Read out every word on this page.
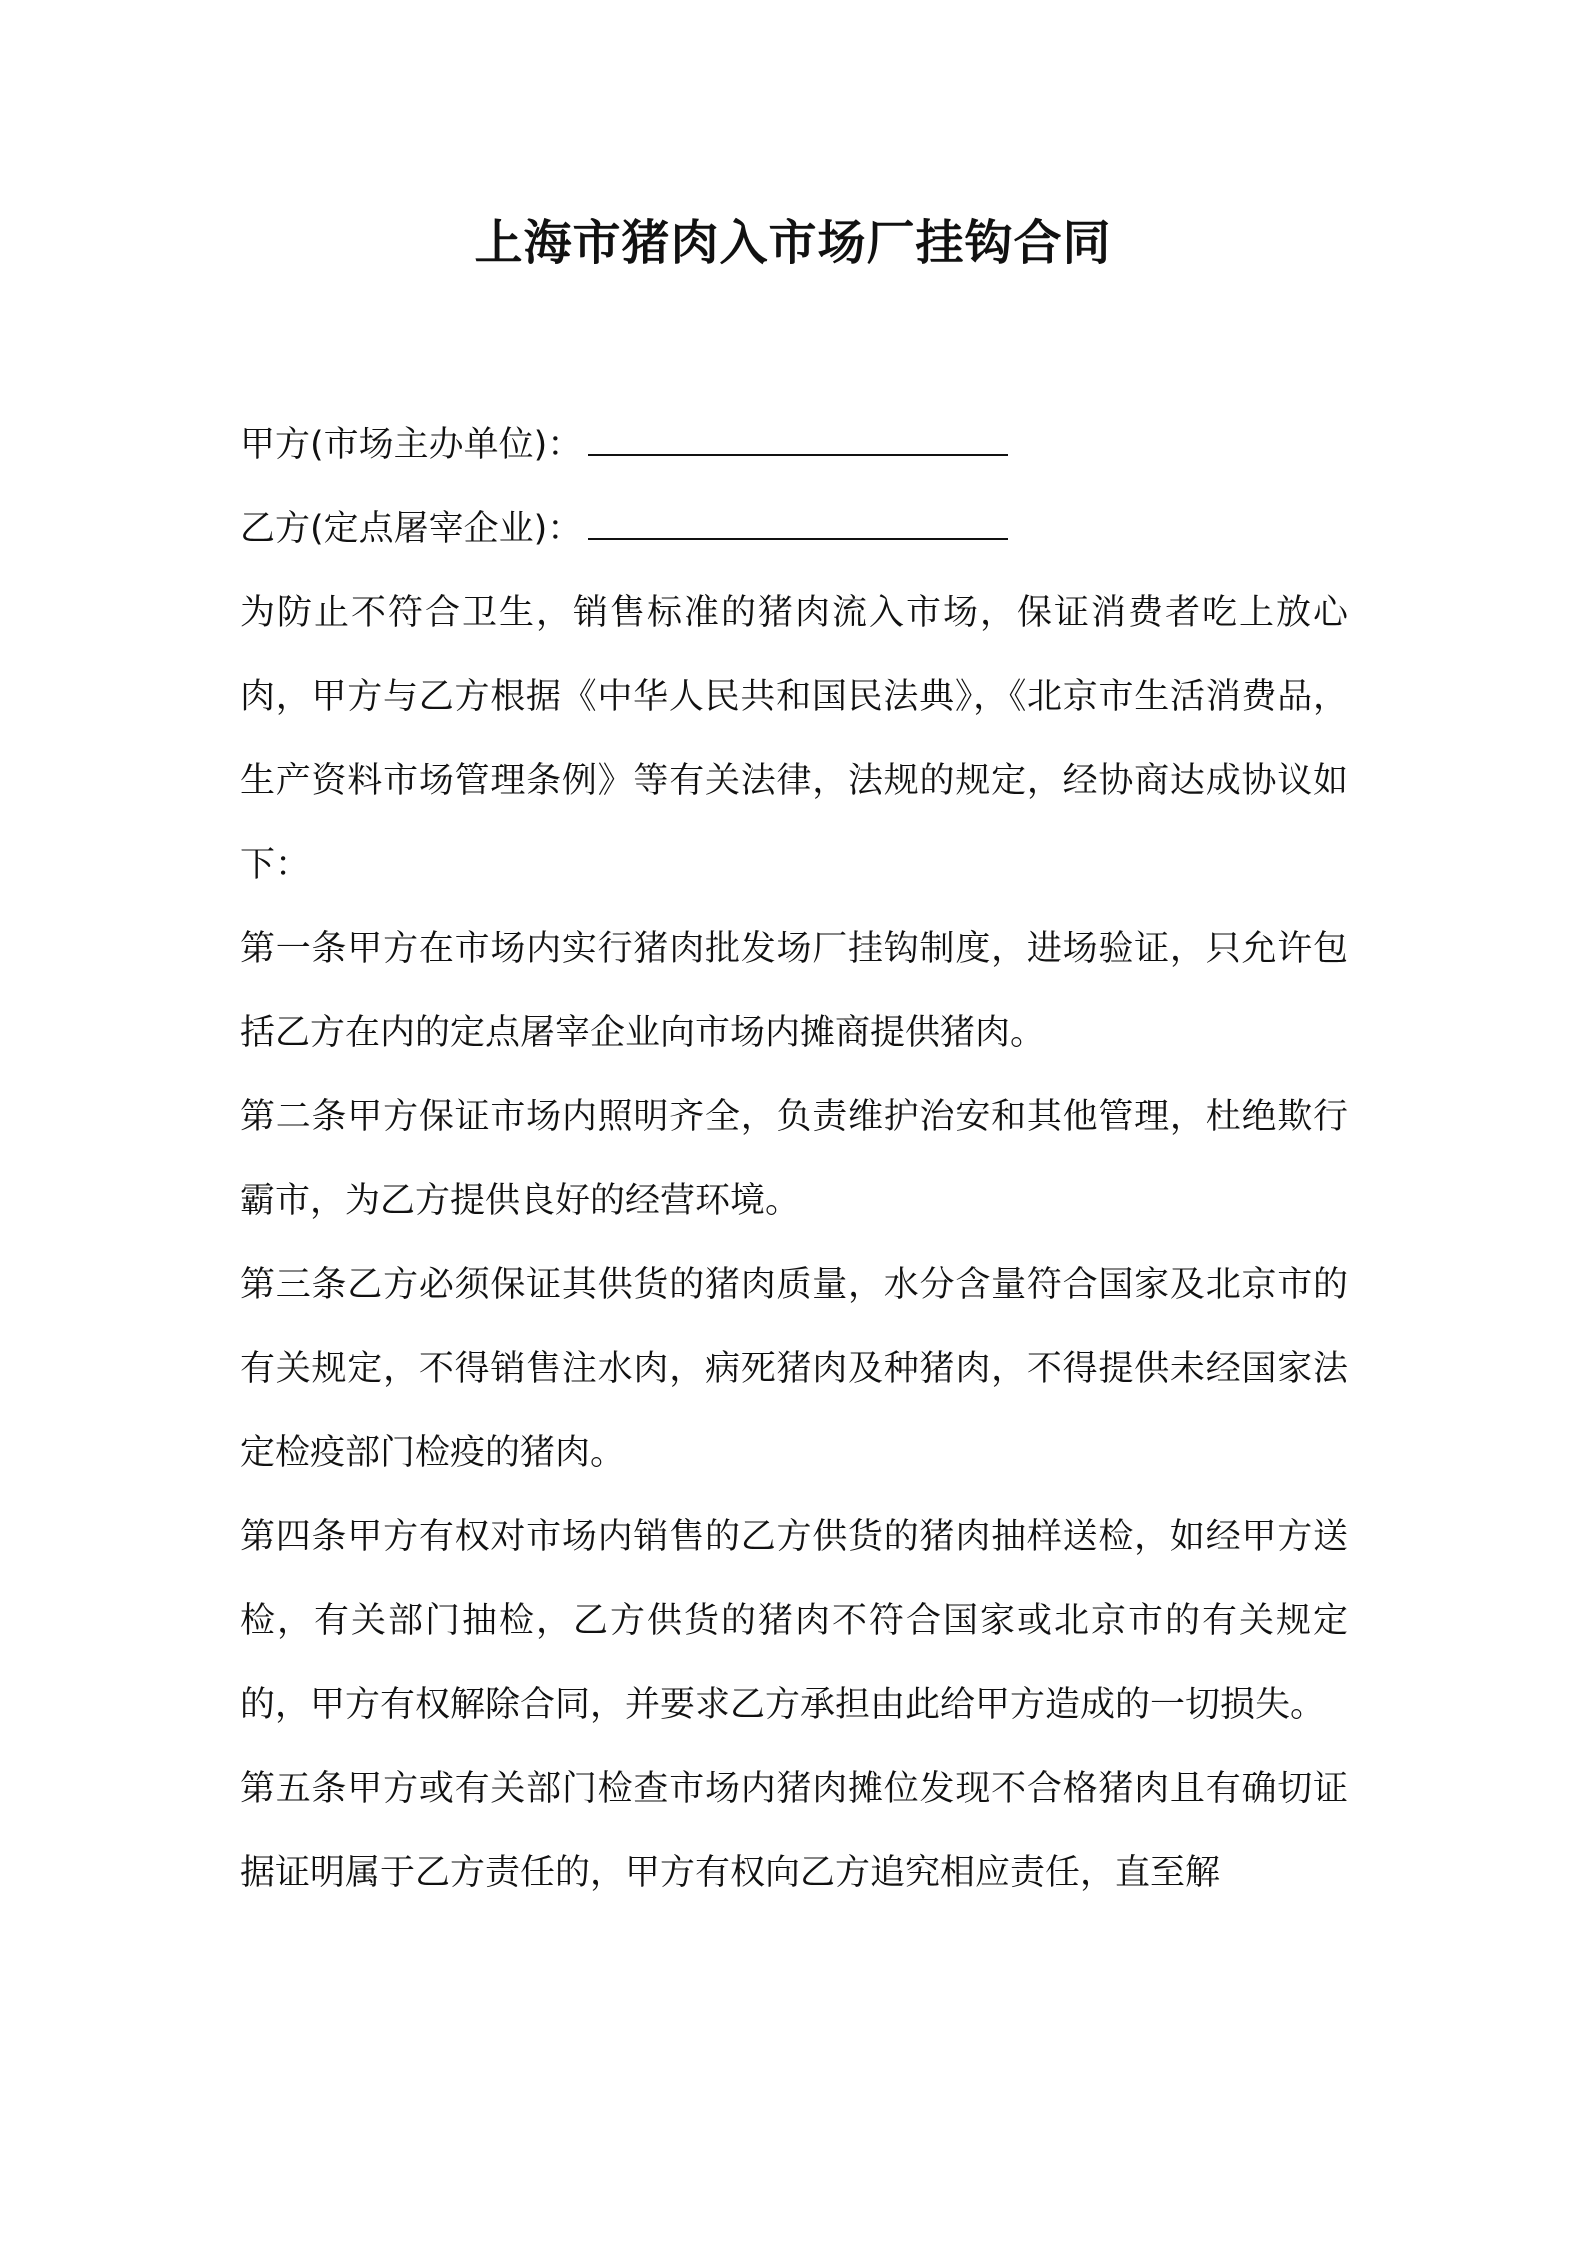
上海市猪肉入市场厂挂钩合同
甲方(市场主办单位)：
乙方(定点屠宰企业)：

为防止不符合卫生，销售标准的猪肉流入市场，保证消费者吃上放心肉，甲方与乙方根据《中华人民共和国民法典》，《北京市生活消费品，生产资料市场管理条例》等有关法律，法规的规定，经协商达成协议如下：

第一条甲方在市场内实行猪肉批发场厂挂钩制度，进场验证，只允许包括乙方在内的定点屠宰企业向市场内摊商提供猪肉。

第二条甲方保证市场内照明齐全，负责维护治安和其他管理，杜绝欺行霸市，为乙方提供良好的经营环境。

第三条乙方必须保证其供货的猪肉质量，水分含量符合国家及北京市的有关规定，不得销售注水肉，病死猪肉及种猪肉，不得提供未经国家法定检疫部门检疫的猪肉。

第四条甲方有权对市场内销售的乙方供货的猪肉抽样送检，如经甲方送检，有关部门抽检，乙方供货的猪肉不符合国家或北京市的有关规定的，甲方有权解除合同，并要求乙方承担由此给甲方造成的一切损失。

第五条甲方或有关部门检查市场内猪肉摊位发现不合格猪肉且有确切证据证明属于乙方责任的，甲方有权向乙方追究相应责任，直至解
